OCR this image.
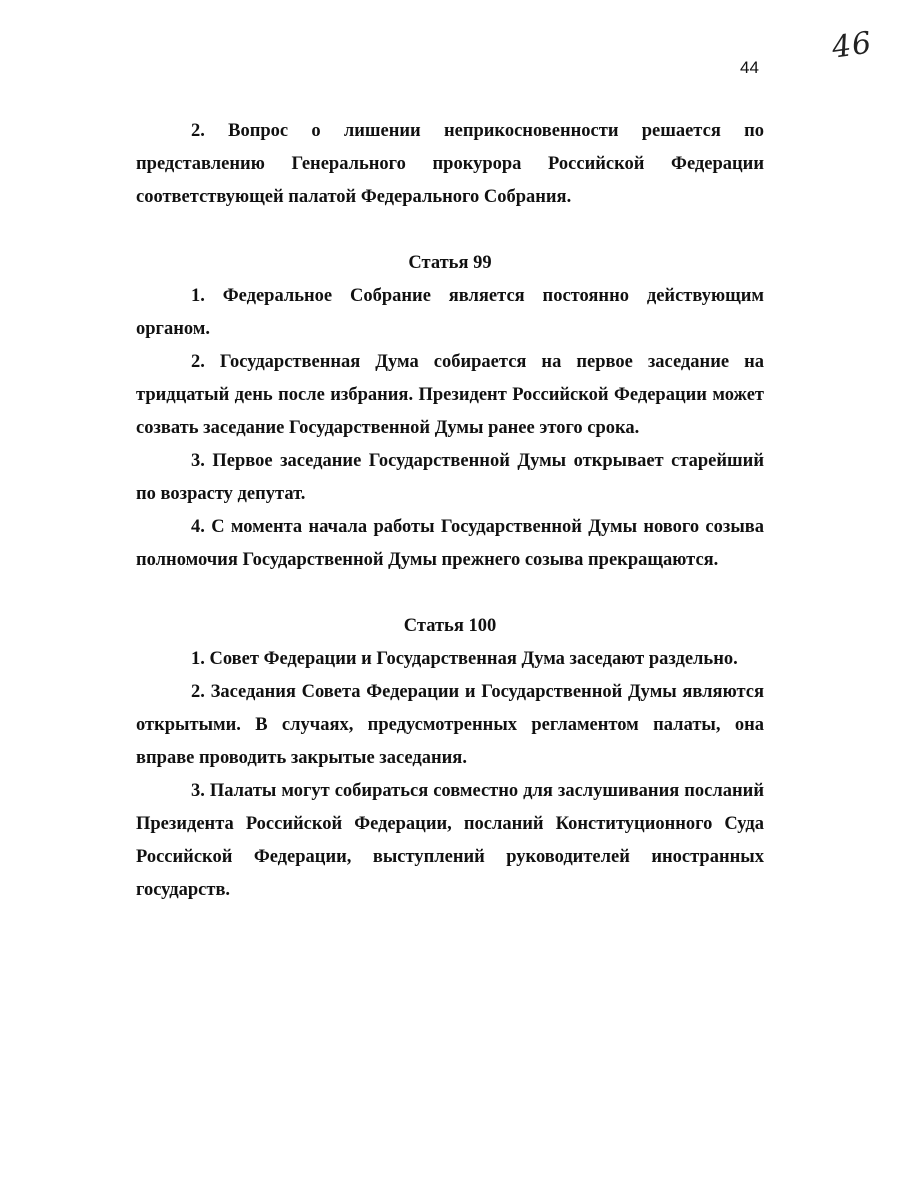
46
44

2. Вопрос о лишении неприкосновенности решается по представлению Генерального прокурора Российской Федерации соответствующей палатой Федерального Собрания.

Статья 99

1. Федеральное Собрание является постоянно действующим органом.

2. Государственная Дума собирается на первое заседание на тридцатый день после избрания. Президент Российской Федерации может созвать заседание Государственной Думы ранее этого срока.

3. Первое заседание Государственной Думы открывает старейший по возрасту депутат.

4. С момента начала работы Государственной Думы нового созыва полномочия Государственной Думы прежнего созыва прекращаются.

Статья 100

1. Совет Федерации и Государственная Дума заседают раздельно.

2. Заседания Совета Федерации и Государственной Думы являются открытыми. В случаях, предусмотренных регламентом палаты, она вправе проводить закрытые заседания.

3. Палаты могут собираться совместно для заслушивания посланий Президента Российской Федерации, посланий Конституционного Суда Российской Федерации, выступлений руководителей иностранных государств.
